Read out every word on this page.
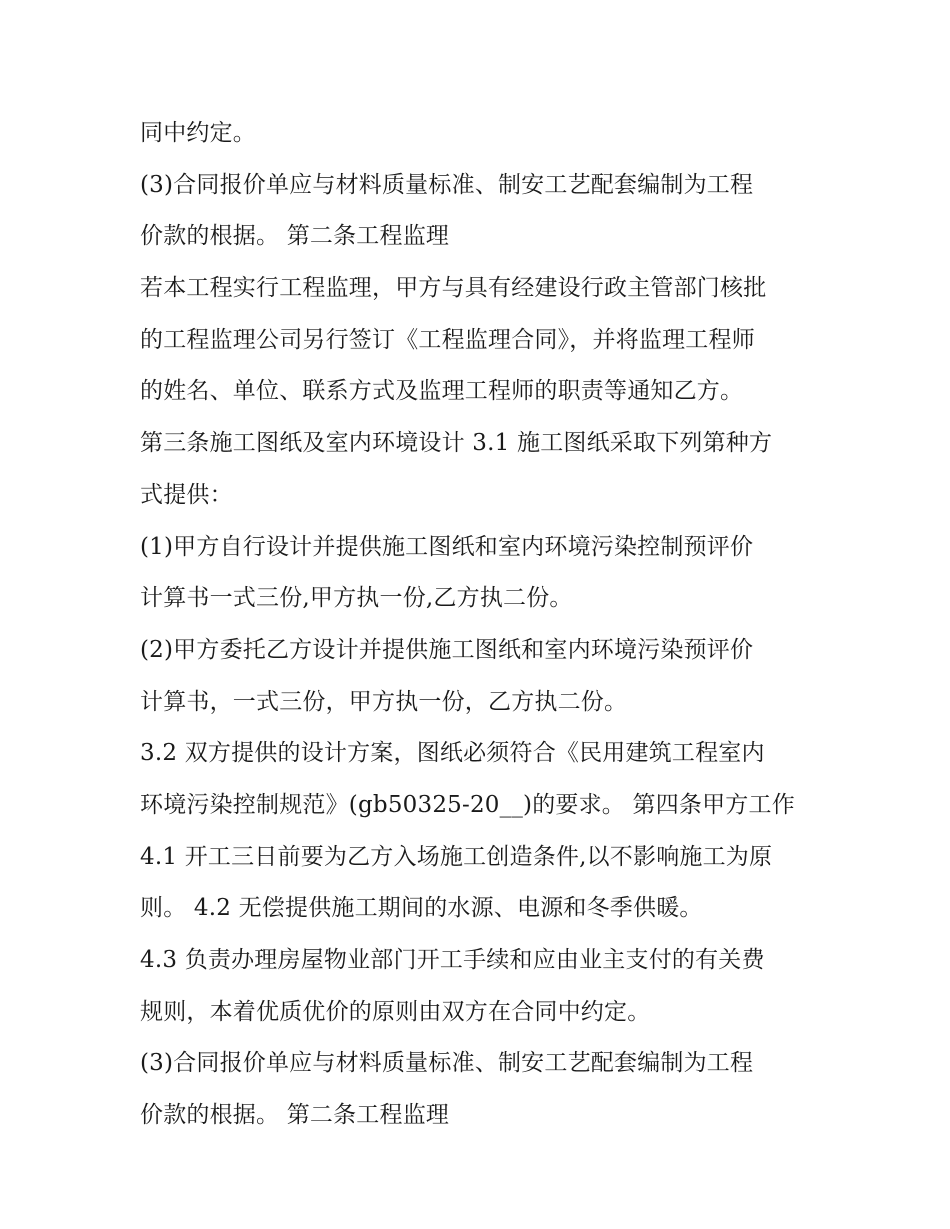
同中约定。
(3)合同报价单应与材料质量标准、制安工艺配套编制为工程
价款的根据。 第二条工程监理
若本工程实行工程监理，甲方与具有经建设行政主管部门核批
的工程监理公司另行签订《工程监理合同》，并将监理工程师
的姓名、单位、联系方式及监理工程师的职责等通知乙方。
第三条施工图纸及室内环境设计 3.1 施工图纸采取下列第种方
式提供：
(1)甲方自行设计并提供施工图纸和室内环境污染控制预评价
计算书一式三份,甲方执一份,乙方执二份。
(2)甲方委托乙方设计并提供施工图纸和室内环境污染预评价
计算书，一式三份，甲方执一份，乙方执二份。
3.2 双方提供的设计方案，图纸必须符合《民用建筑工程室内
环境污染控制规范》(gb50325-20__)的要求。 第四条甲方工作
4.1 开工三日前要为乙方入场施工创造条件,以不影响施工为原
则。 4.2 无偿提供施工期间的水源、电源和冬季供暖。
4.3 负责办理房屋物业部门开工手续和应由业主支付的有关费
规则，本着优质优价的原则由双方在合同中约定。
(3)合同报价单应与材料质量标准、制安工艺配套编制为工程
价款的根据。 第二条工程监理
